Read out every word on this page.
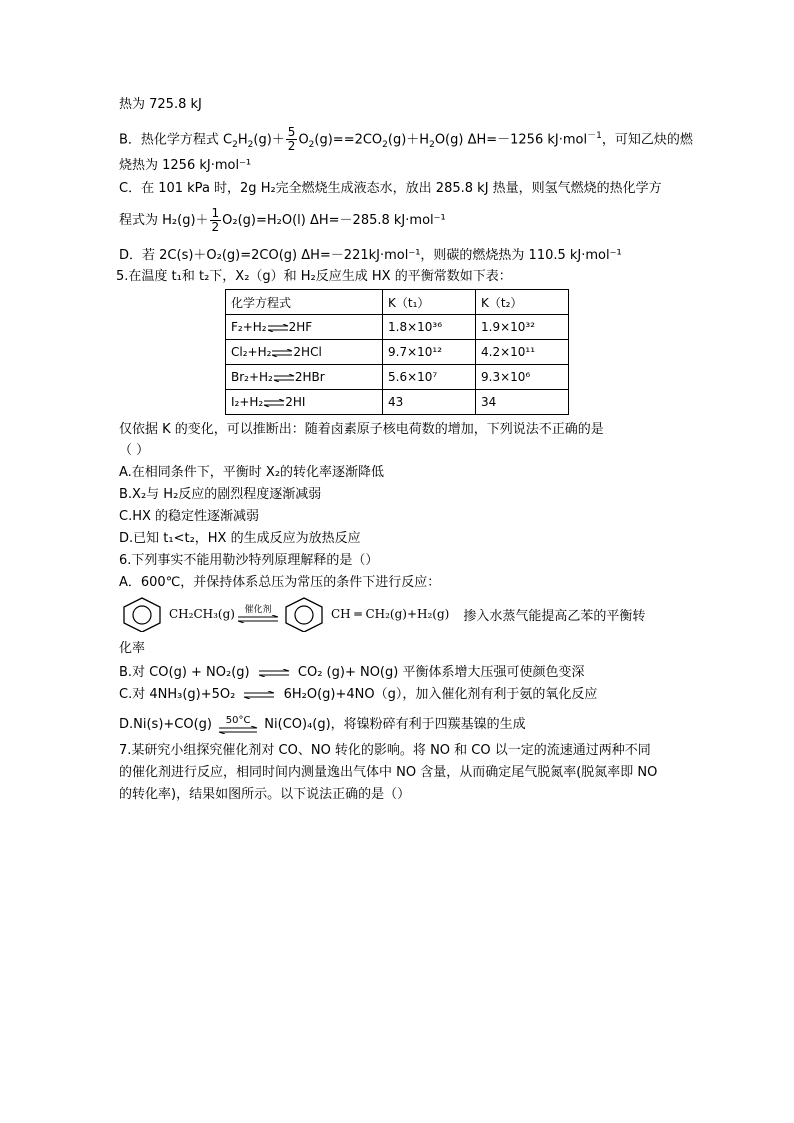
热为 725.8 kJ
B．热化学方程式 $C_2H_2(g)+ \frac{5}{2} O_2(g)==2CO_2(g)+H_2O(g)$ ΔH=－1256 kJ·mol$^{-1}$，可知乙炔的燃
烧热为 1256 kJ·mol⁻¹
C．在 101 kPa 时，2g H₂完全燃烧生成液态水，放出 285.8 kJ 热量，则氢气燃烧的热化学方
程式为 $H_2(g)+ \frac{1}{2} O_2(g)=H_2O(l)$ ΔH=－285.8 kJ·mol⁻¹
D．若 2C(s)＋O₂(g)=2CO(g) ΔH=－221kJ·mol⁻¹，则碳的燃烧热为 110.5 kJ·mol⁻¹
5.在温度 t₁和 t₂下，X₂（g）和 H₂反应生成 HX 的平衡常数如下表：
化学方程式	K（t₁）	K（t₂）
F₂+H₂⇌2HF	1.8×10³⁶	1.9×10³²
Cl₂+H₂⇌2HCl	9.7×10¹²	4.2×10¹¹
Br₂+H₂⇌2HBr	5.6×10⁷	9.3×10⁶
I₂+H₂⇌2HI	43	34
仅依据 K 的变化，可以推断出：随着卤素原子核电荷数的增加，下列说法不正确的是
（ ）
A.在相同条件下，平衡时 X₂的转化率逐渐降低
B.X₂与 H₂反应的剧烈程度逐渐减弱
C.HX 的稳定性逐渐减弱
D.已知 t₁<t₂，HX 的生成反应为放热反应
6.下列事实不能用勒沙特列原理解释的是（）
A．600℃，并保持体系总压为常压的条件下进行反应：
CH₂CH₃(g) 催化剂	CH ═ CH₂(g)+H₂(g) 掺入水蒸气能提高乙苯的平衡转
化率
B.对 CO(g) + NO₂(g) ⇌ CO₂ (g)+ NO(g) 平衡体系增大压强可使颜色变深
C.对 4NH₃(g)+5O₂ ⇌ 6H₂O(g)+4NO（g），加入催化剂有利于氨的氧化反应
D.Ni(s)+CO(g) 50°C Ni(CO)₄(g)，将镍粉碎有利于四羰基镍的生成
7.某研究小组探究催化剂对 CO、NO 转化的影响。将 NO 和 CO 以一定的流速通过两种不同
的催化剂进行反应，相同时间内测量逸出气体中 NO 含量，从而确定尾气脱氮率(脱氮率即 NO
的转化率)，结果如图所示。以下说法正确的是（）
